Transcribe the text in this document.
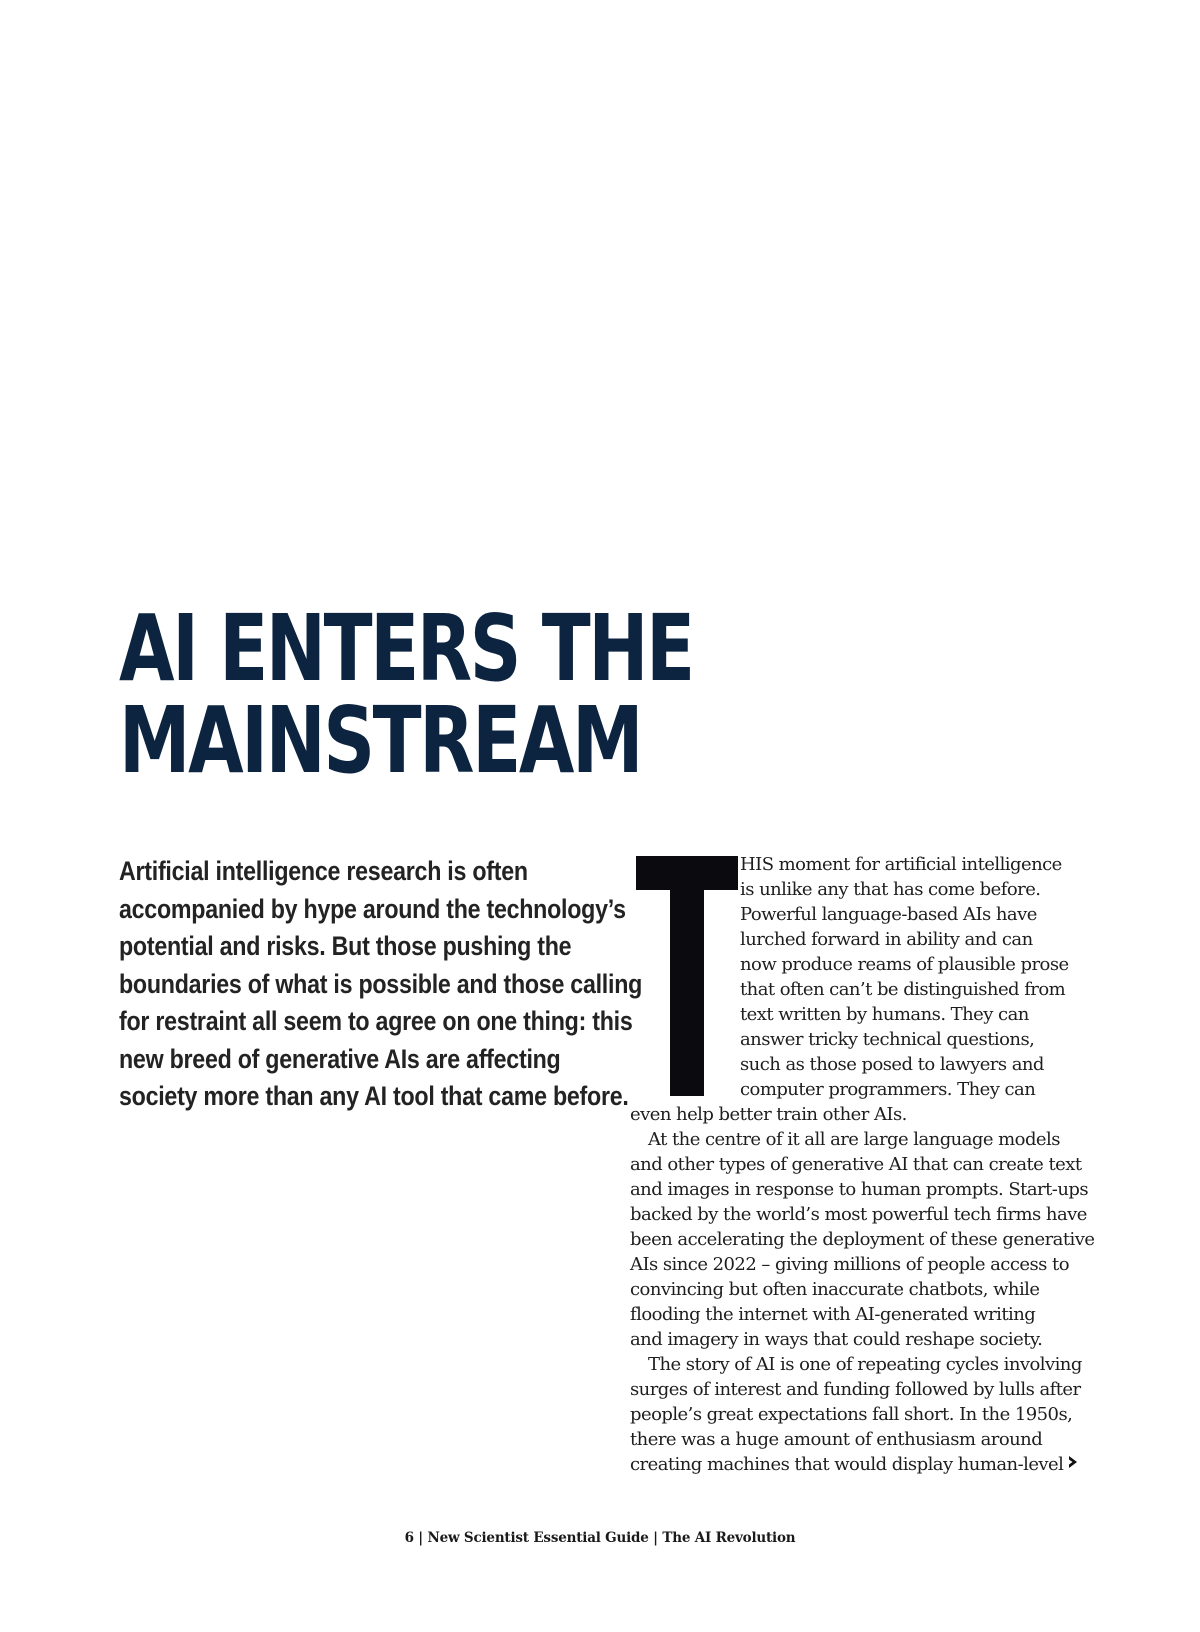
AI ENTERS THE
MAINSTREAM
Artificial intelligence research is often
accompanied by hype around the technology’s
potential and risks. But those pushing the
boundaries of what is possible and those calling
for restraint all seem to agree on one thing: this
new breed of generative AIs are affecting
society more than any AI tool that came before.
HIS moment for artificial intelligence
is unlike any that has come before.
Powerful language-based AIs have
lurched forward in ability and can
now produce reams of plausible prose
that often can’t be distinguished from
text written by humans. They can
answer tricky technical questions,
such as those posed to lawyers and
computer programmers. They can
even help better train other AIs.
At the centre of it all are large language models
and other types of generative AI that can create text
and images in response to human prompts. Start-ups
backed by the world’s most powerful tech firms have
been accelerating the deployment of these generative
AIs since 2022 – giving millions of people access to
convincing but often inaccurate chatbots, while
flooding the internet with AI-generated writing
and imagery in ways that could reshape society.
The story of AI is one of repeating cycles involving
surges of interest and funding followed by lulls after
people’s great expectations fall short. In the 1950s,
there was a huge amount of enthusiasm around
creating machines that would display human-level
6 | New Scientist Essential Guide | The AI Revolution
